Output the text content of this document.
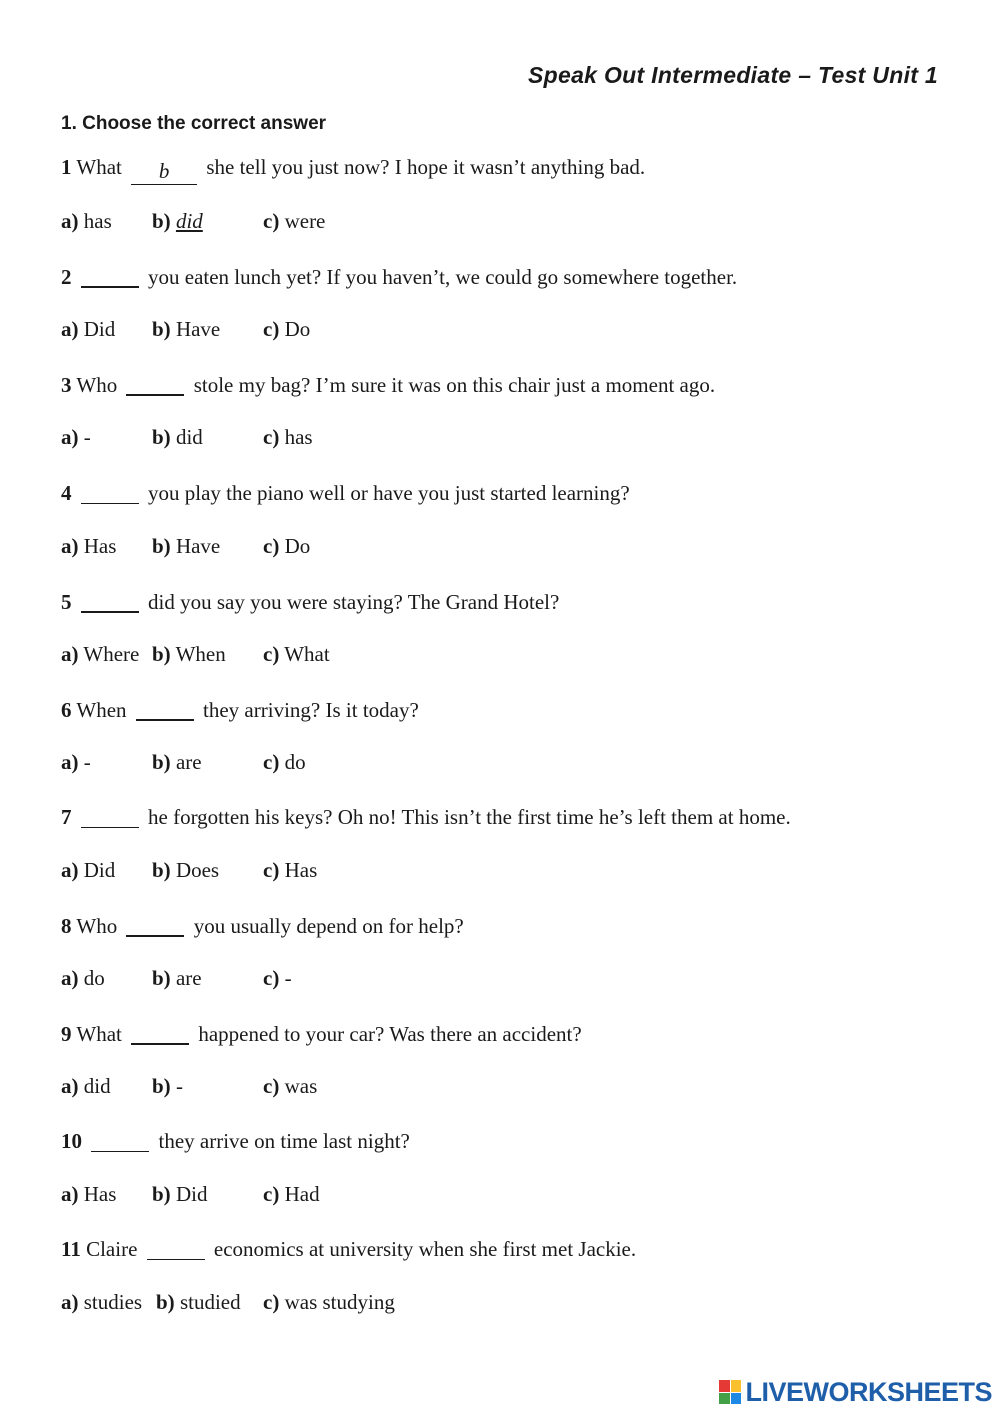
Speak Out Intermediate – Test Unit 1
1. Choose the correct answer
1 What b she tell you just now? I hope it wasn’t anything bad.
a) has b) did	c) were
2	you eaten lunch yet? If you haven’t, we could go somewhere together.
a) Did b) Have c) Do
3 Who	stole my bag? I’m sure it was on this chair just a moment ago.
a) -	b) did	c) has
4	you play the piano well or have you just started learning?
a) Has b) Have c) Do
5	did you say you were staying? The Grand Hotel?
a) Where b) When c) What
6 When	they arriving? Is it today?
a) -	b) are	c) do
7	he forgotten his keys? Oh no! This isn’t the first time he’s left them at home.
a) Did b) Does c) Has
8 Who	you usually depend on for help?
a) do b) are	c) -
9 What	happened to your car? Was there an accident?
a) did b) -	c) was
10	they arrive on time last night?
a) Has b) Did	c) Had
11 Claire	economics at university when she first met Jackie.
a) studies b) studied c) was studying
LIVEWORKSHEETS
